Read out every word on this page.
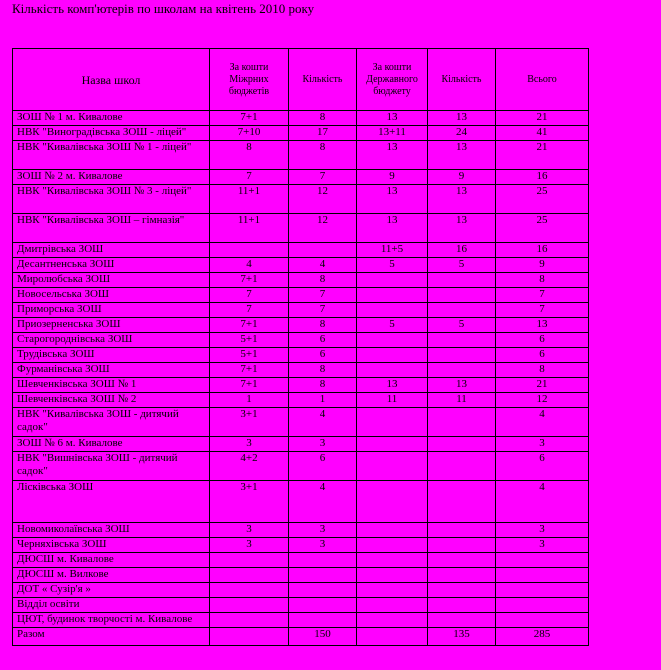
Кількість комп'ютерів по школам на квітень 2010 року
Назва школ	За кошти Міжрних бюджетів	Кількість	За кошти Державного бюджету	Кількість	Всього
ЗОШ № 1 м. Кивалове	7+1	8	13	13	21
НВК "Виноградівська ЗОШ - ліцей"	7+10	17	13+11	24	41
НВК "Кивалівська ЗОШ № 1 - ліцей"	8	8	13	13	21
ЗОШ № 2 м. Кивалове	7	7	9	9	16
НВК "Кивалівська ЗОШ № 3 - ліцей"	11+1	12	13	13	25
НВК "Кивалівська ЗОШ – гімназія"	11+1	12	13	13	25
Дмитрівська ЗОШ			11+5	16	16
Десантненська ЗОШ	4	4	5	5	9
Миролюбська ЗОШ	7+1	8			8
Новосельська ЗОШ	7	7			7
Приморська ЗОШ	7	7			7
Приозерненська ЗОШ	7+1	8	5	5	13
Старогороднівська ЗОШ	5+1	6			6
Трудівська ЗОШ	5+1	6			6
Фурманівська ЗОШ	7+1	8			8
Шевченківська ЗОШ № 1	7+1	8	13	13	21
Шевченківська ЗОШ № 2	1	1	11	11	12
НВК "Кивалівська ЗОШ - дитячий садок"	3+1	4			4
ЗОШ № 6 м. Кивалове	3	3			3
НВК "Вишнівська ЗОШ - дитячий садок"	4+2	6			6
Лісківська ЗОШ	3+1	4			4
Новомиколаївська ЗОШ	3	3			3
Черняхівська ЗОШ	3	3			3
ДЮСШ м. Кивалове					
ДЮСШ м. Вилкове					
ДОТ « Сузір'я »					
Відділ освіти					
ЦЮТ, будинок творчості м. Кивалове					
Разом		150		135	285
